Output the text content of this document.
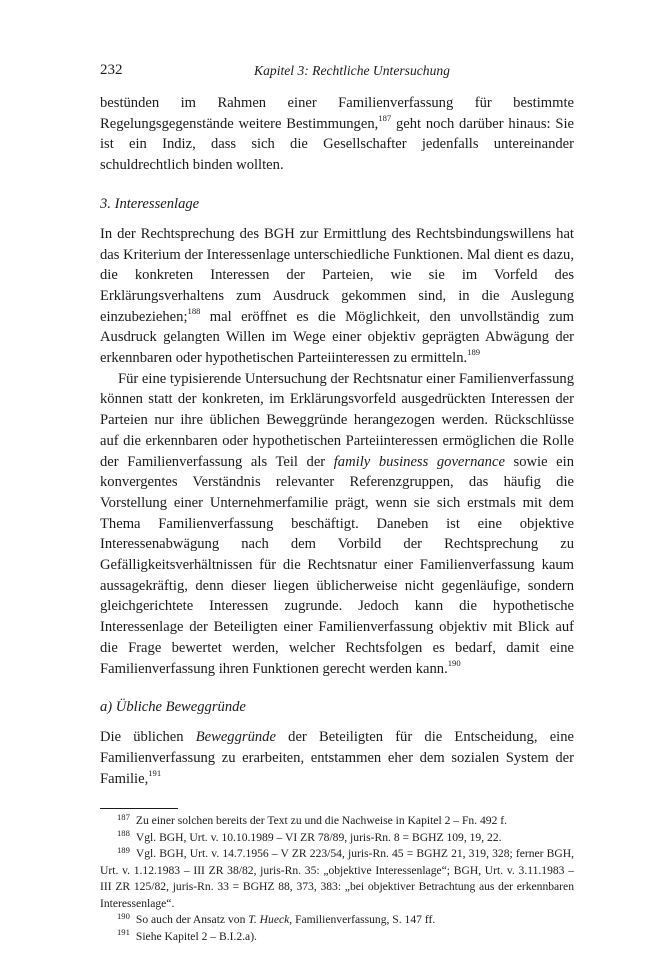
232	Kapitel 3: Rechtliche Untersuchung

bestünden im Rahmen einer Familienverfassung für bestimmte Regelungsgegenstände weitere Bestimmungen,$^{187}$ geht noch darüber hinaus: Sie ist ein Indiz, dass sich die Gesellschafter jedenfalls untereinander schuldrechtlich binden wollten.

3. Interessenlage

In der Rechtsprechung des BGH zur Ermittlung des Rechtsbindungswillens hat das Kriterium der Interessenlage unterschiedliche Funktionen. Mal dient es dazu, die konkreten Interessen der Parteien, wie sie im Vorfeld des Erklärungsverhaltens zum Ausdruck gekommen sind, in die Auslegung einzubeziehen;$^{188}$ mal eröffnet es die Möglichkeit, den unvollständig zum Ausdruck gelangten Willen im Wege einer objektiv geprägten Abwägung der erkennbaren oder hypothetischen Parteiinteressen zu ermitteln.$^{189}$

Für eine typisierende Untersuchung der Rechtsnatur einer Familienverfassung können statt der konkreten, im Erklärungsvorfeld ausgedrückten Interessen der Parteien nur ihre üblichen Beweggründe herangezogen werden. Rückschlüsse auf die erkennbaren oder hypothetischen Parteiinteressen ermöglichen die Rolle der Familienverfassung als Teil der family business governance sowie ein konvergentes Verständnis relevanter Referenzgruppen, das häufig die Vorstellung einer Unternehmerfamilie prägt, wenn sie sich erstmals mit dem Thema Familienverfassung beschäftigt. Daneben ist eine objektive Interessenabwägung nach dem Vorbild der Rechtsprechung zu Gefälligkeitsverhältnissen für die Rechtsnatur einer Familienverfassung kaum aussagekräftig, denn dieser liegen üblicherweise nicht gegenläufige, sondern gleichgerichtete Interessen zugrunde. Jedoch kann die hypothetische Interessenlage der Beteiligten einer Familienverfassung objektiv mit Blick auf die Frage bewertet werden, welcher Rechtsfolgen es bedarf, damit eine Familienverfassung ihren Funktionen gerecht werden kann.$^{190}$

a) Übliche Beweggründe

Die üblichen Beweggründe der Beteiligten für die Entscheidung, eine Familienverfassung zu erarbeiten, entstammen eher dem sozialen System der Familie,$^{191}$

187 Zu einer solchen bereits der Text zu und die Nachweise in Kapitel 2 – Fn. 492 f.

188 Vgl. BGH, Urt. v. 10.10.1989 – VI ZR 78/89, juris-Rn. 8 = BGHZ 109, 19, 22.

189 Vgl. BGH, Urt. v. 14.7.1956 – V ZR 223/54, juris-Rn. 45 = BGHZ 21, 319, 328; ferner BGH, Urt. v. 1.12.1983 – III ZR 38/82, juris-Rn. 35: „objektive Interessenlage“; BGH, Urt. v. 3.11.1983 – III ZR 125/82, juris-Rn. 33 = BGHZ 88, 373, 383: „bei objektiver Betrachtung aus der erkennbaren Interessenlage“.

190 So auch der Ansatz von T. Hueck, Familienverfassung, S. 147 ff.

191 Siehe Kapitel 2 – B.I.2.a).
